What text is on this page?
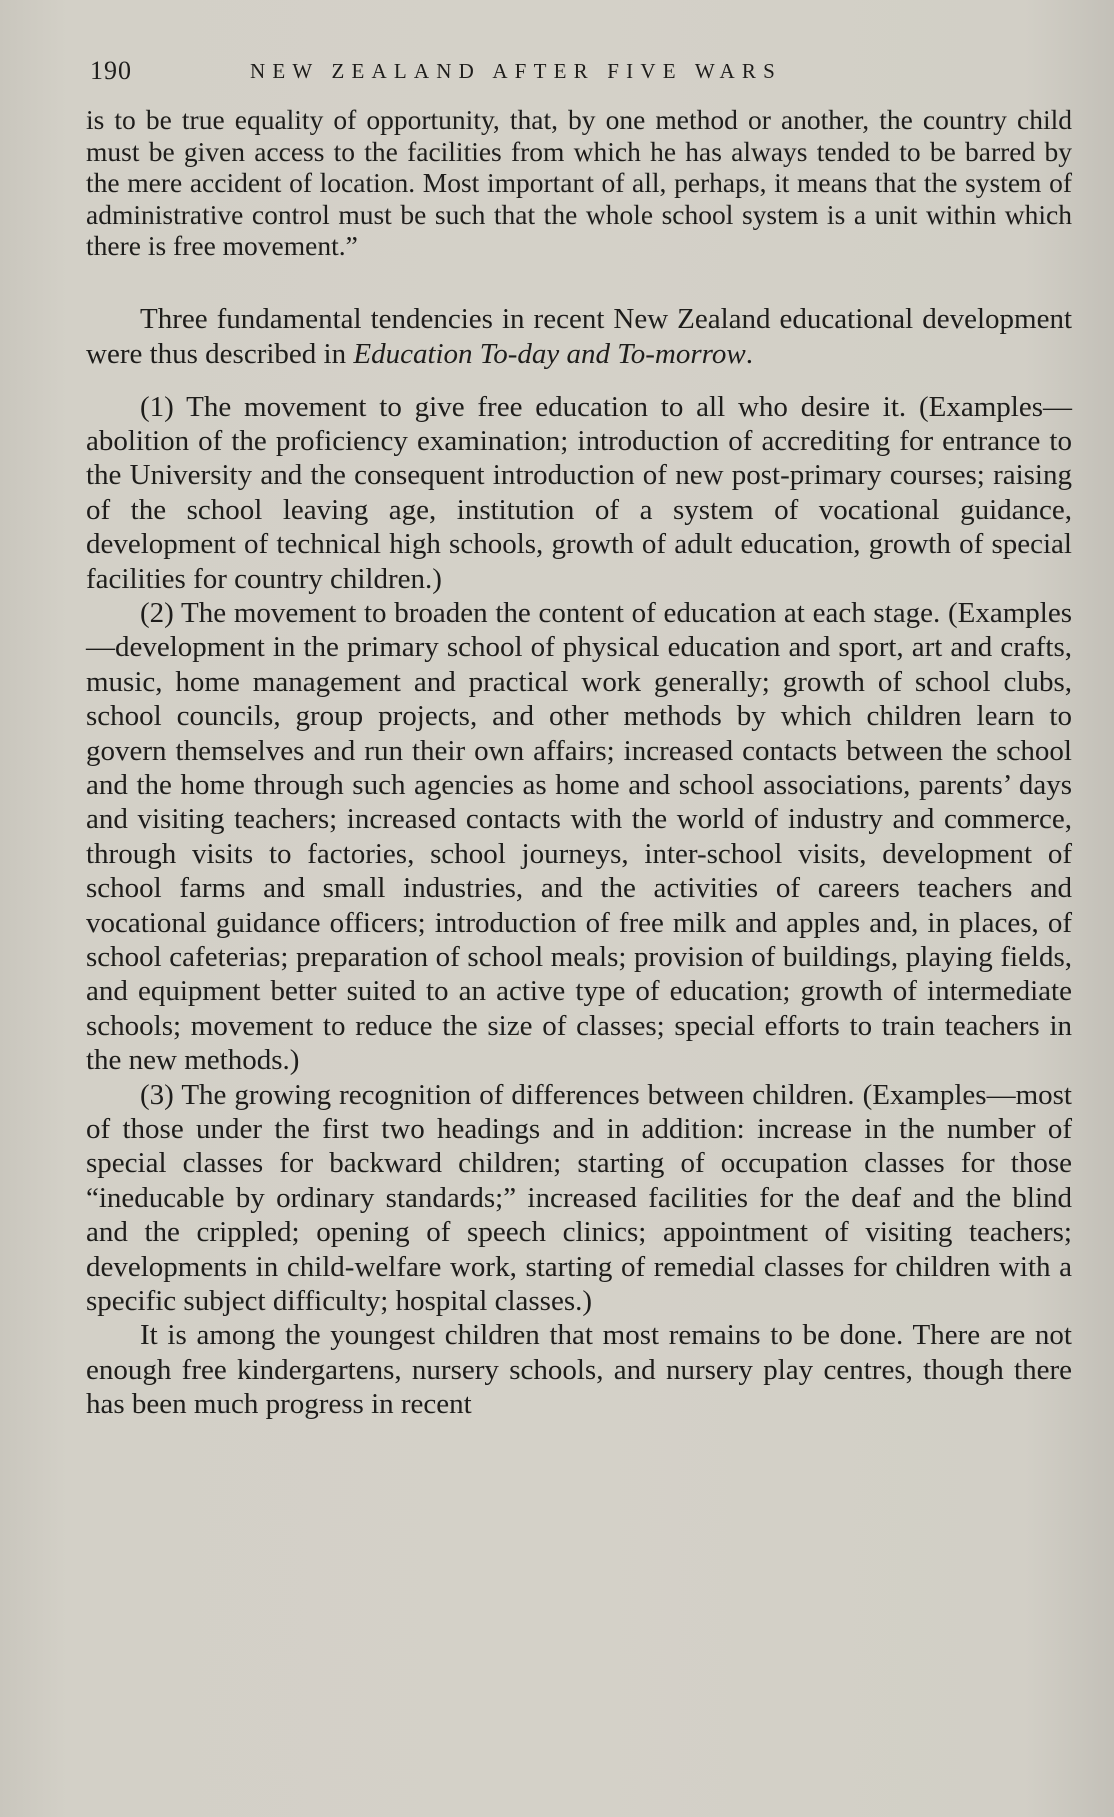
190	NEW ZEALAND AFTER FIVE WARS

is to be true equality of opportunity, that, by one method or another, the country child must be given access to the facilities from which he has always tended to be barred by the mere accident of location. Most important of all, perhaps, it means that the system of administrative control must be such that the whole school system is a unit within which there is free movement.”

Three fundamental tendencies in recent New Zealand educational development were thus described in Education To-day and To-morrow.

(1) The movement to give free education to all who desire it. (Examples—abolition of the proficiency examination; introduction of accrediting for entrance to the University and the consequent introduction of new post-primary courses; raising of the school leaving age, institution of a system of vocational guidance, development of technical high schools, growth of adult education, growth of special facilities for country children.)

(2) The movement to broaden the content of education at each stage. (Examples—development in the primary school of physical education and sport, art and crafts, music, home management and practical work generally; growth of school clubs, school councils, group projects, and other methods by which children learn to govern themselves and run their own affairs; increased contacts between the school and the home through such agencies as home and school associations, parents’ days and visiting teachers; increased contacts with the world of industry and commerce, through visits to factories, school journeys, inter-school visits, development of school farms and small industries, and the activities of careers teachers and vocational guidance officers; introduction of free milk and apples and, in places, of school cafeterias; preparation of school meals; provision of buildings, playing fields, and equipment better suited to an active type of education; growth of intermediate schools; movement to reduce the size of classes; special efforts to train teachers in the new methods.)

(3) The growing recognition of differences between children. (Examples—most of those under the first two headings and in addition: increase in the number of special classes for backward children; starting of occupation classes for those “ineducable by ordinary standards;” increased facilities for the deaf and the blind and the crippled; opening of speech clinics; appointment of visiting teachers; developments in child-welfare work, starting of remedial classes for children with a specific subject difficulty; hospital classes.)

It is among the youngest children that most remains to be done. There are not enough free kindergartens, nursery schools, and nursery play centres, though there has been much progress in recent
